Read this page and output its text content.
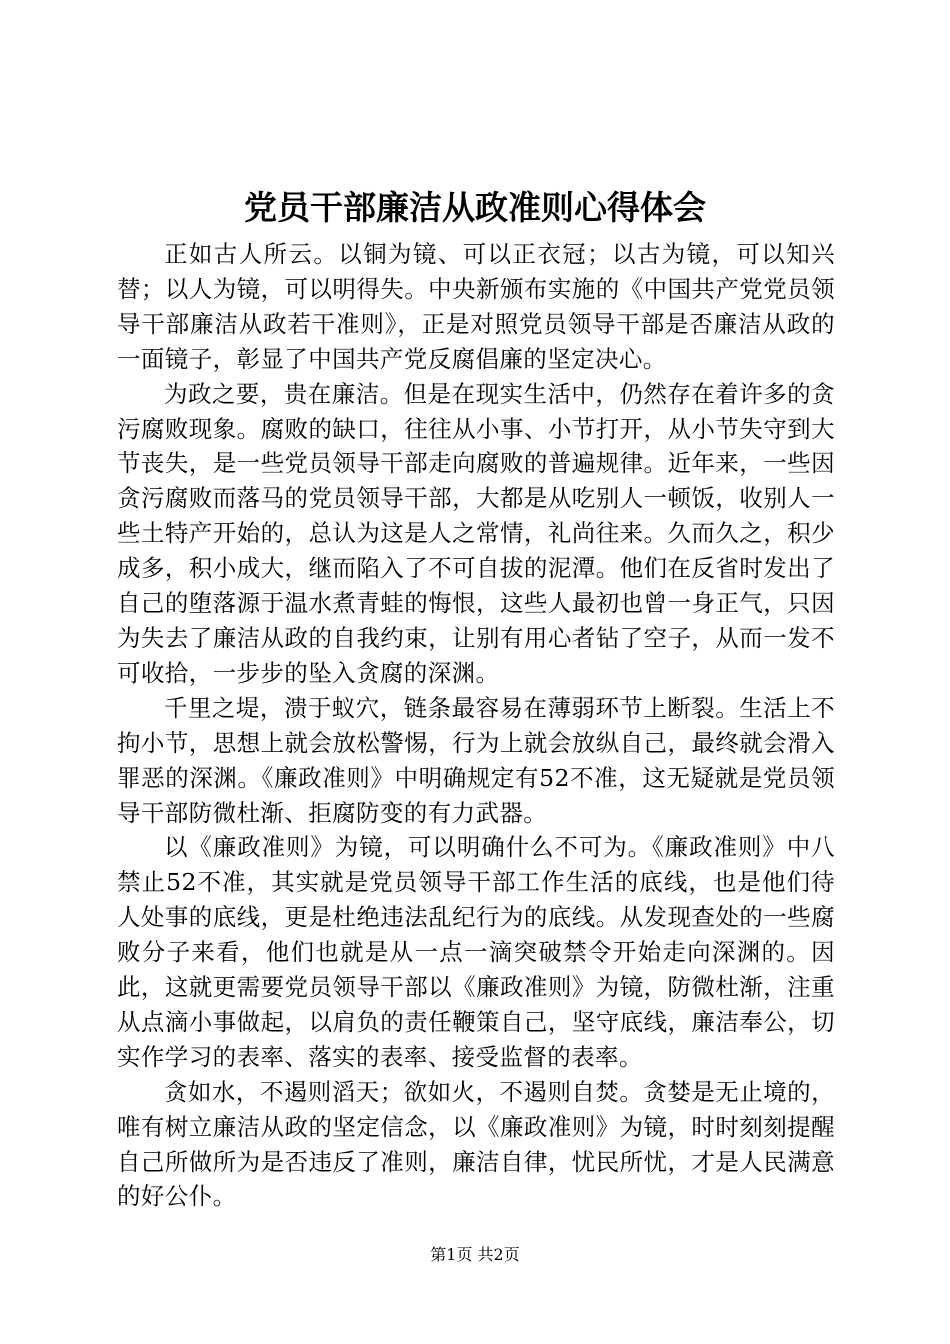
党员干部廉洁从政准则心得体会

正如古人所云。以铜为镜、可以正衣冠；以古为镜，可以知兴替；以人为镜，可以明得失。中央新颁布实施的《中国共产党党员领导干部廉洁从政若干准则》，正是对照党员领导干部是否廉洁从政的一面镜子，彰显了中国共产党反腐倡廉的坚定决心。

为政之要，贵在廉洁。但是在现实生活中，仍然存在着许多的贪污腐败现象。腐败的缺口，往往从小事、小节打开，从小节失守到大节丧失，是一些党员领导干部走向腐败的普遍规律。近年来，一些因贪污腐败而落马的党员领导干部，大都是从吃别人一顿饭，收别人一些土特产开始的，总认为这是人之常情，礼尚往来。久而久之，积少成多，积小成大，继而陷入了不可自拔的泥潭。他们在反省时发出了自己的堕落源于温水煮青蛙的悔恨，这些人最初也曾一身正气，只因为失去了廉洁从政的自我约束，让别有用心者钻了空子，从而一发不可收拾，一步步的坠入贪腐的深渊。

千里之堤，溃于蚁穴，链条最容易在薄弱环节上断裂。生活上不拘小节，思想上就会放松警惕，行为上就会放纵自己，最终就会滑入罪恶的深渊。《廉政准则》中明确规定有52不准，这无疑就是党员领导干部防微杜渐、拒腐防变的有力武器。

以《廉政准则》为镜，可以明确什么不可为。《廉政准则》中八禁止52不准，其实就是党员领导干部工作生活的底线，也是他们待人处事的底线，更是杜绝违法乱纪行为的底线。从发现查处的一些腐败分子来看，他们也就是从一点一滴突破禁令开始走向深渊的。因此，这就更需要党员领导干部以《廉政准则》为镜，防微杜渐，注重从点滴小事做起，以肩负的责任鞭策自己，坚守底线，廉洁奉公，切实作学习的表率、落实的表率、接受监督的表率。

贪如水，不遏则滔天；欲如火，不遏则自焚。贪婪是无止境的，唯有树立廉洁从政的坚定信念，以《廉政准则》为镜，时时刻刻提醒自己所做所为是否违反了准则，廉洁自律，忧民所忧，才是人民满意的好公仆。

第1页 共2页
